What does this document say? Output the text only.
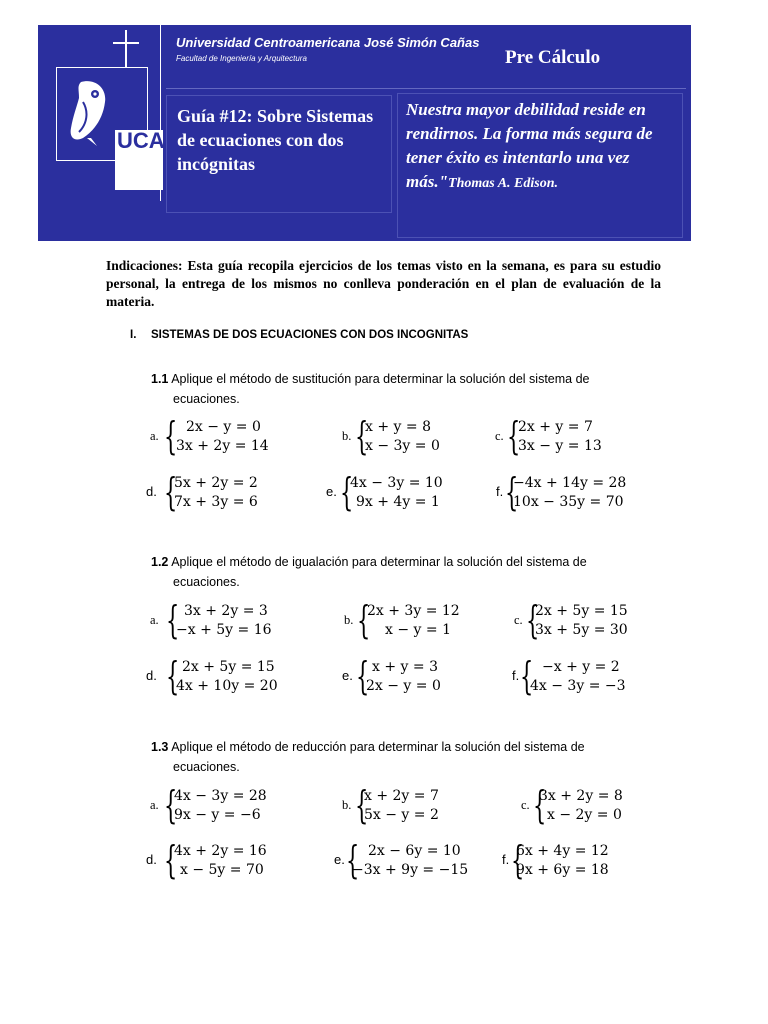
UCA
Universidad Centroamericana José Simón Cañas
Facultad de Ingeniería y Arquitectura	Pre Cálculo
Guía #12: Sobre Sistemas de ecuaciones con dos incógnitas
Nuestra mayor debilidad reside en rendirnos. La forma más segura de tener éxito es intentarlo una vez más."Thomas A. Edison.
Indicaciones: Esta guía recopila ejercicios de los temas visto en la semana, es para su estudio personal, la entrega de los mismos no conlleva ponderación en el plan de evaluación de la materia.
I. SISTEMAS DE DOS ECUACIONES CON DOS INCOGNITAS
1.1 Aplique el método de sustitución para determinar la solución del sistema de
ecuaciones.
a. { 2x − y = 0
3x + 2y = 14
b. {
x + y = 8
x − 3y = 0
c. {
2x + y = 7
3x − y = 13
d. {
5x + 2y = 2
7x + 3y = 6
e. {
4x − 3y = 10
9x + 4y = 1
f. {
−4x + 14y = 28
10x − 35y = 70
1.2 Aplique el método de igualación para determinar la solución del sistema de
ecuaciones.
a. { 3x + 2y = 3
−x + 5y = 16
b. {
2x + 3y = 12
x − y = 1
c. {
2x + 5y = 15
3x + 5y = 30
d. { 2x + 5y = 15
4x + 10y = 20
e. { x + y = 3
2x − y = 0
f. { −x + y = 2
4x − 3y = −3
1.3 Aplique el método de reducción para determinar la solución del sistema de
ecuaciones.
a. {
4x − 3y = 28
9x − y = −6
b. {
x + 2y = 7
5x − y = 2
c. {
3x + 2y = 8
x − 2y = 0
d. {
4x + 2y = 16
x − 5y = 70
e. { 2x − 6y = 10
−3x + 9y = −15
f. {
6x + 4y = 12
9x + 6y = 18
